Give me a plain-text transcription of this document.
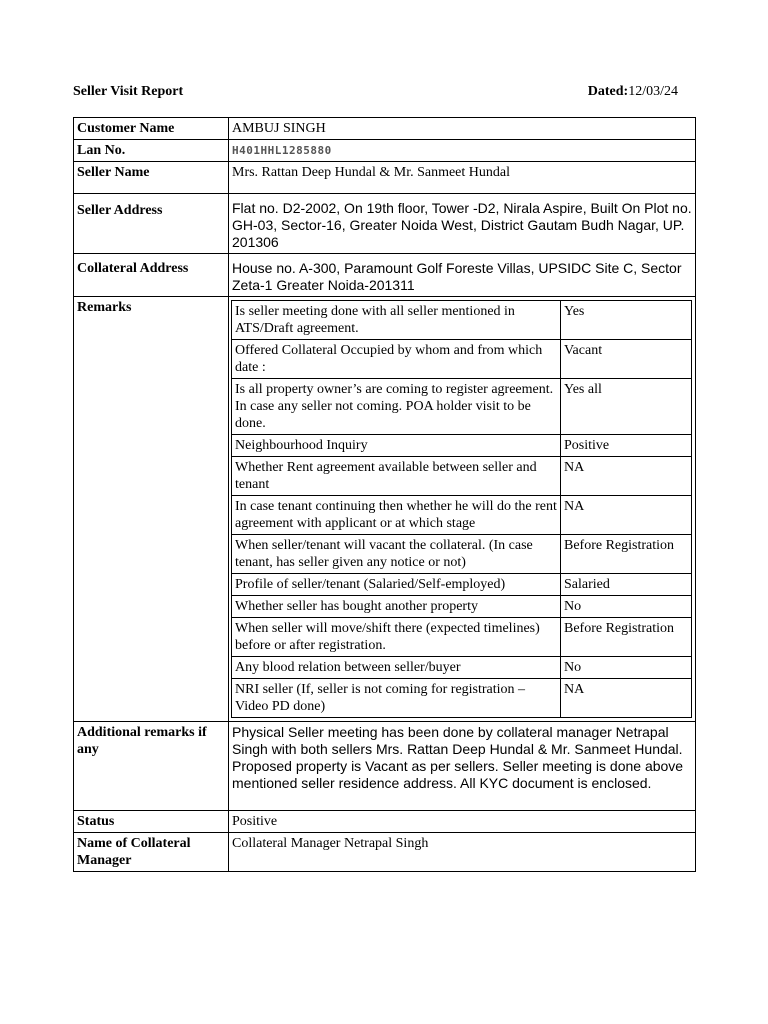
Seller Visit Report	Dated:12/03/24
Customer Name	AMBUJ SINGH
Lan No.	H401HHL1285880
Seller Name	Mrs. Rattan Deep Hundal & Mr. Sanmeet Hundal
Seller Address	Flat no. D2-2002, On 19th floor, Tower -D2, Nirala Aspire, Built On Plot no. GH-03, Sector-16, Greater Noida West, District Gautam Budh Nagar, UP. 201306
Collateral Address	House no. A-300, Paramount Golf Foreste Villas, UPSIDC Site C, Sector Zeta-1 Greater Noida-201311
Remarks		Is seller meeting done with all seller mentioned in ATS/Draft agreement.	Yes
Offered Collateral Occupied by whom and from which date :	Vacant
Is all property owner’s are coming to register agreement. In case any seller not coming. POA holder visit to be done.	Yes all
Neighbourhood Inquiry	Positive
Whether Rent agreement available between seller and tenant	NA
In case tenant continuing then whether he will do the rent agreement with applicant or at which stage	NA
When seller/tenant will vacant the collateral. (In case tenant, has seller given any notice or not)	Before Registration
Profile of seller/tenant (Salaried/Self-employed)	Salaried
Whether seller has bought another property	No
When seller will move/shift there (expected timelines) before or after registration.	Before Registration
Any blood relation between seller/buyer	No
NRI seller (If, seller is not coming for registration – Video PD done)	NA

Additional remarks if any	Physical Seller meeting has been done by collateral manager Netrapal Singh with both sellers Mrs. Rattan Deep Hundal & Mr. Sanmeet Hundal. Proposed property is Vacant as per sellers. Seller meeting is done above mentioned seller residence address. All KYC document is enclosed.
Status	Positive
Name of Collateral Manager	Collateral Manager Netrapal Singh
